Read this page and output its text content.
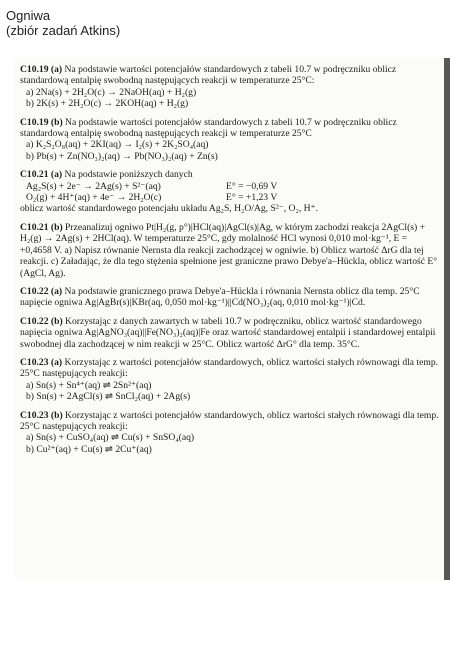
Ogniwa
(zbiór zadań Atkins)

C10.19 (a) Na podstawie wartości potencjałów standardowych z tabeli 10.7 w podręczniku oblicz standardową entalpię swobodną następujących reakcji w temperaturze 25°C:

a) 2Na(s) + 2H₂O(c) → 2NaOH(aq) + H₂(g)

b) 2K(s) + 2H₂O(c) → 2KOH(aq) + H₂(g)

C10.19 (b) Na podstawie wartości potencjałów standardowych z tabeli 10.7 w podręczniku oblicz standardową entalpię swobodną następujących reakcji w temperaturze 25°C

a) K₂S₂O₈(aq) + 2KI(aq) → I₂(s) + 2K₂SO₄(aq)

b) Pb(s) + Zn(NO₃)₂(aq) → Pb(NO₃)₂(aq) + Zn(s)

C10.21 (a) Na podstawie poniższych danych

Ag₂S(s) + 2e⁻ → 2Ag(s) + S²⁻(aq)	E° = −0,69 V
O₂(g) + 4H⁺(aq) + 4e⁻ → 2H₂O(c)	E° = +1,23 V

oblicz wartość standardowego potencjału układu Ag₂S, H₂O/Ag, S²⁻, O₂, H⁺.

C10.21 (b) Przeanalizuj ogniwo Pt|H₂(g, p°)|HCl(aq)|AgCl(s)|Ag, w którym zachodzi reakcja 2AgCl(s) + H₂(g) → 2Ag(s) + 2HCl(aq). W temperaturze 25°C, gdy molalność HCl wynosi 0,010 mol·kg⁻¹, E = +0,4658 V. a) Napisz równanie Nernsta dla reakcji zachodzącej w ogniwie. b) Oblicz wartość ΔrG dla tej reakcji. c) Załadając, że dla tego stężenia spełnione jest graniczne prawo Debye'a–Hückla, oblicz wartość E° (AgCl, Ag).

C10.22 (a) Na podstawie granicznego prawa Debye'a–Hückla i równania Nernsta oblicz dla temp. 25°C napięcie ogniwa Ag|AgBr(s)|KBr(aq, 0,050 mol·kg⁻¹)||Cd(NO₃)₂(aq, 0,010 mol·kg⁻¹)|Cd.

C10.22 (b) Korzystając z danych zawartych w tabeli 10.7 w podręczniku, oblicz wartość standardowego napięcia ogniwa Ag|AgNO₃(aq)||Fe(NO₃)₂(aq)|Fe oraz wartość standardowej entalpii i standardowej entalpii swobodnej dla zachodzącej w nim reakcji w 25°C. Oblicz wartość ΔrG° dla temp. 35°C.

C10.23 (a) Korzystając z wartości potencjałów standardowych, oblicz wartości stałych równowagi dla temp. 25°C następujących reakcji:

a) Sn(s) + Sn⁴⁺(aq) ⇌ 2Sn²⁺(aq)

b) Sn(s) + 2AgCl(s) ⇌ SnCl₂(aq) + 2Ag(s)

C10.23 (b) Korzystając z wartości potencjałów standardowych, oblicz wartości stałych równowagi dla temp. 25°C następujących reakcji:

a) Sn(s) + CuSO₄(aq) ⇌ Cu(s) + SnSO₄(aq)

b) Cu²⁺(aq) + Cu(s) ⇌ 2Cu⁺(aq)
